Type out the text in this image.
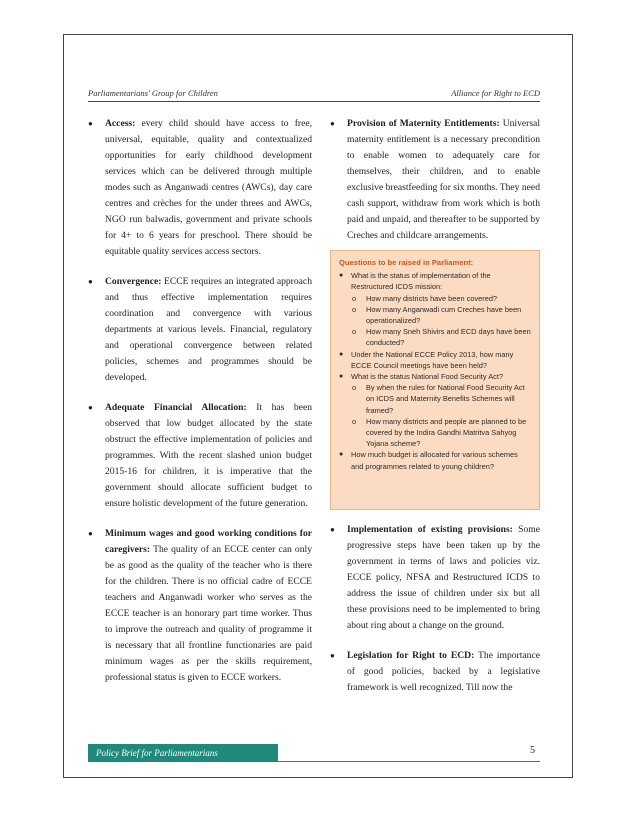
Parliamentarians' Group for Children	Alliance for Right to ECD
● Access: every child should have access to free, universal, equitable, quality and contextualized opportunities for early childhood development services which can be delivered through multiple modes such as Anganwadi centres (AWCs), day care centres and crèches for the under threes and AWCs, NGO run balwadis, government and private schools for 4+ to 6 years for preschool. There should be equitable quality services access sectors.
● Convergence: ECCE requires an integrated approach and thus effective implementation requires coordination and convergence with various departments at various levels. Financial, regulatory and operational convergence between related policies, schemes and programmes should be developed.
● Adequate Financial Allocation: It has been observed that low budget allocated by the state obstruct the effective implementation of policies and programmes. With the recent slashed union budget 2015-16 for children, it is imperative that the government should allocate sufficient budget to ensure holistic development of the future generation.
● Minimum wages and good working conditions for caregivers: The quality of an ECCE center can only be as good as the quality of the teacher who is there for the children. There is no official cadre of ECCE teachers and Anganwadi worker who serves as the ECCE teacher is an honorary part time worker. Thus to improve the outreach and quality of programme it is necessary that all frontline functionaries are paid minimum wages as per the skills requirement, professional status is given to ECCE workers.
● Provision of Maternity Entitlements: Universal maternity entitlement is a necessary precondition to enable women to adequately care for themselves, their children, and to enable exclusive breastfeeding for six months. They need cash support, withdraw from work which is both paid and unpaid, and thereafter to be supported by Creches and childcare arrangements.
Questions to be raised in Parliament:
● What is the status of implementation of the Restructured ICDS mission:
o How many districts have been covered?
o How many Anganwadi cum Creches have been operationalized?
o How many Sneh Shivirs and ECD days have been conducted?
● Under the National ECCE Policy 2013, how many ECCE Council meetings have been held?
● What is the status National Food Security Act?
o By when the rules for National Food Security Act on ICDS and Maternity Benefits Schemes will framed?
o How many districts and people are planned to be covered by the Indira Gandhi Matritva Sahyog Yojana scheme?
● How much budget is allocated for various schemes and programmes related to young children?
● Implementation of existing provisions: Some progressive steps have been taken up by the government in terms of laws and policies viz. ECCE policy, NFSA and Restructured ICDS to address the issue of children under six but all these provisions need to be implemented to bring about ring about a change on the ground.
● Legislation for Right to ECD: The importance of good policies, backed by a legislative framework is well recognized. Till now the
Policy Brief for Parliamentarians	5
